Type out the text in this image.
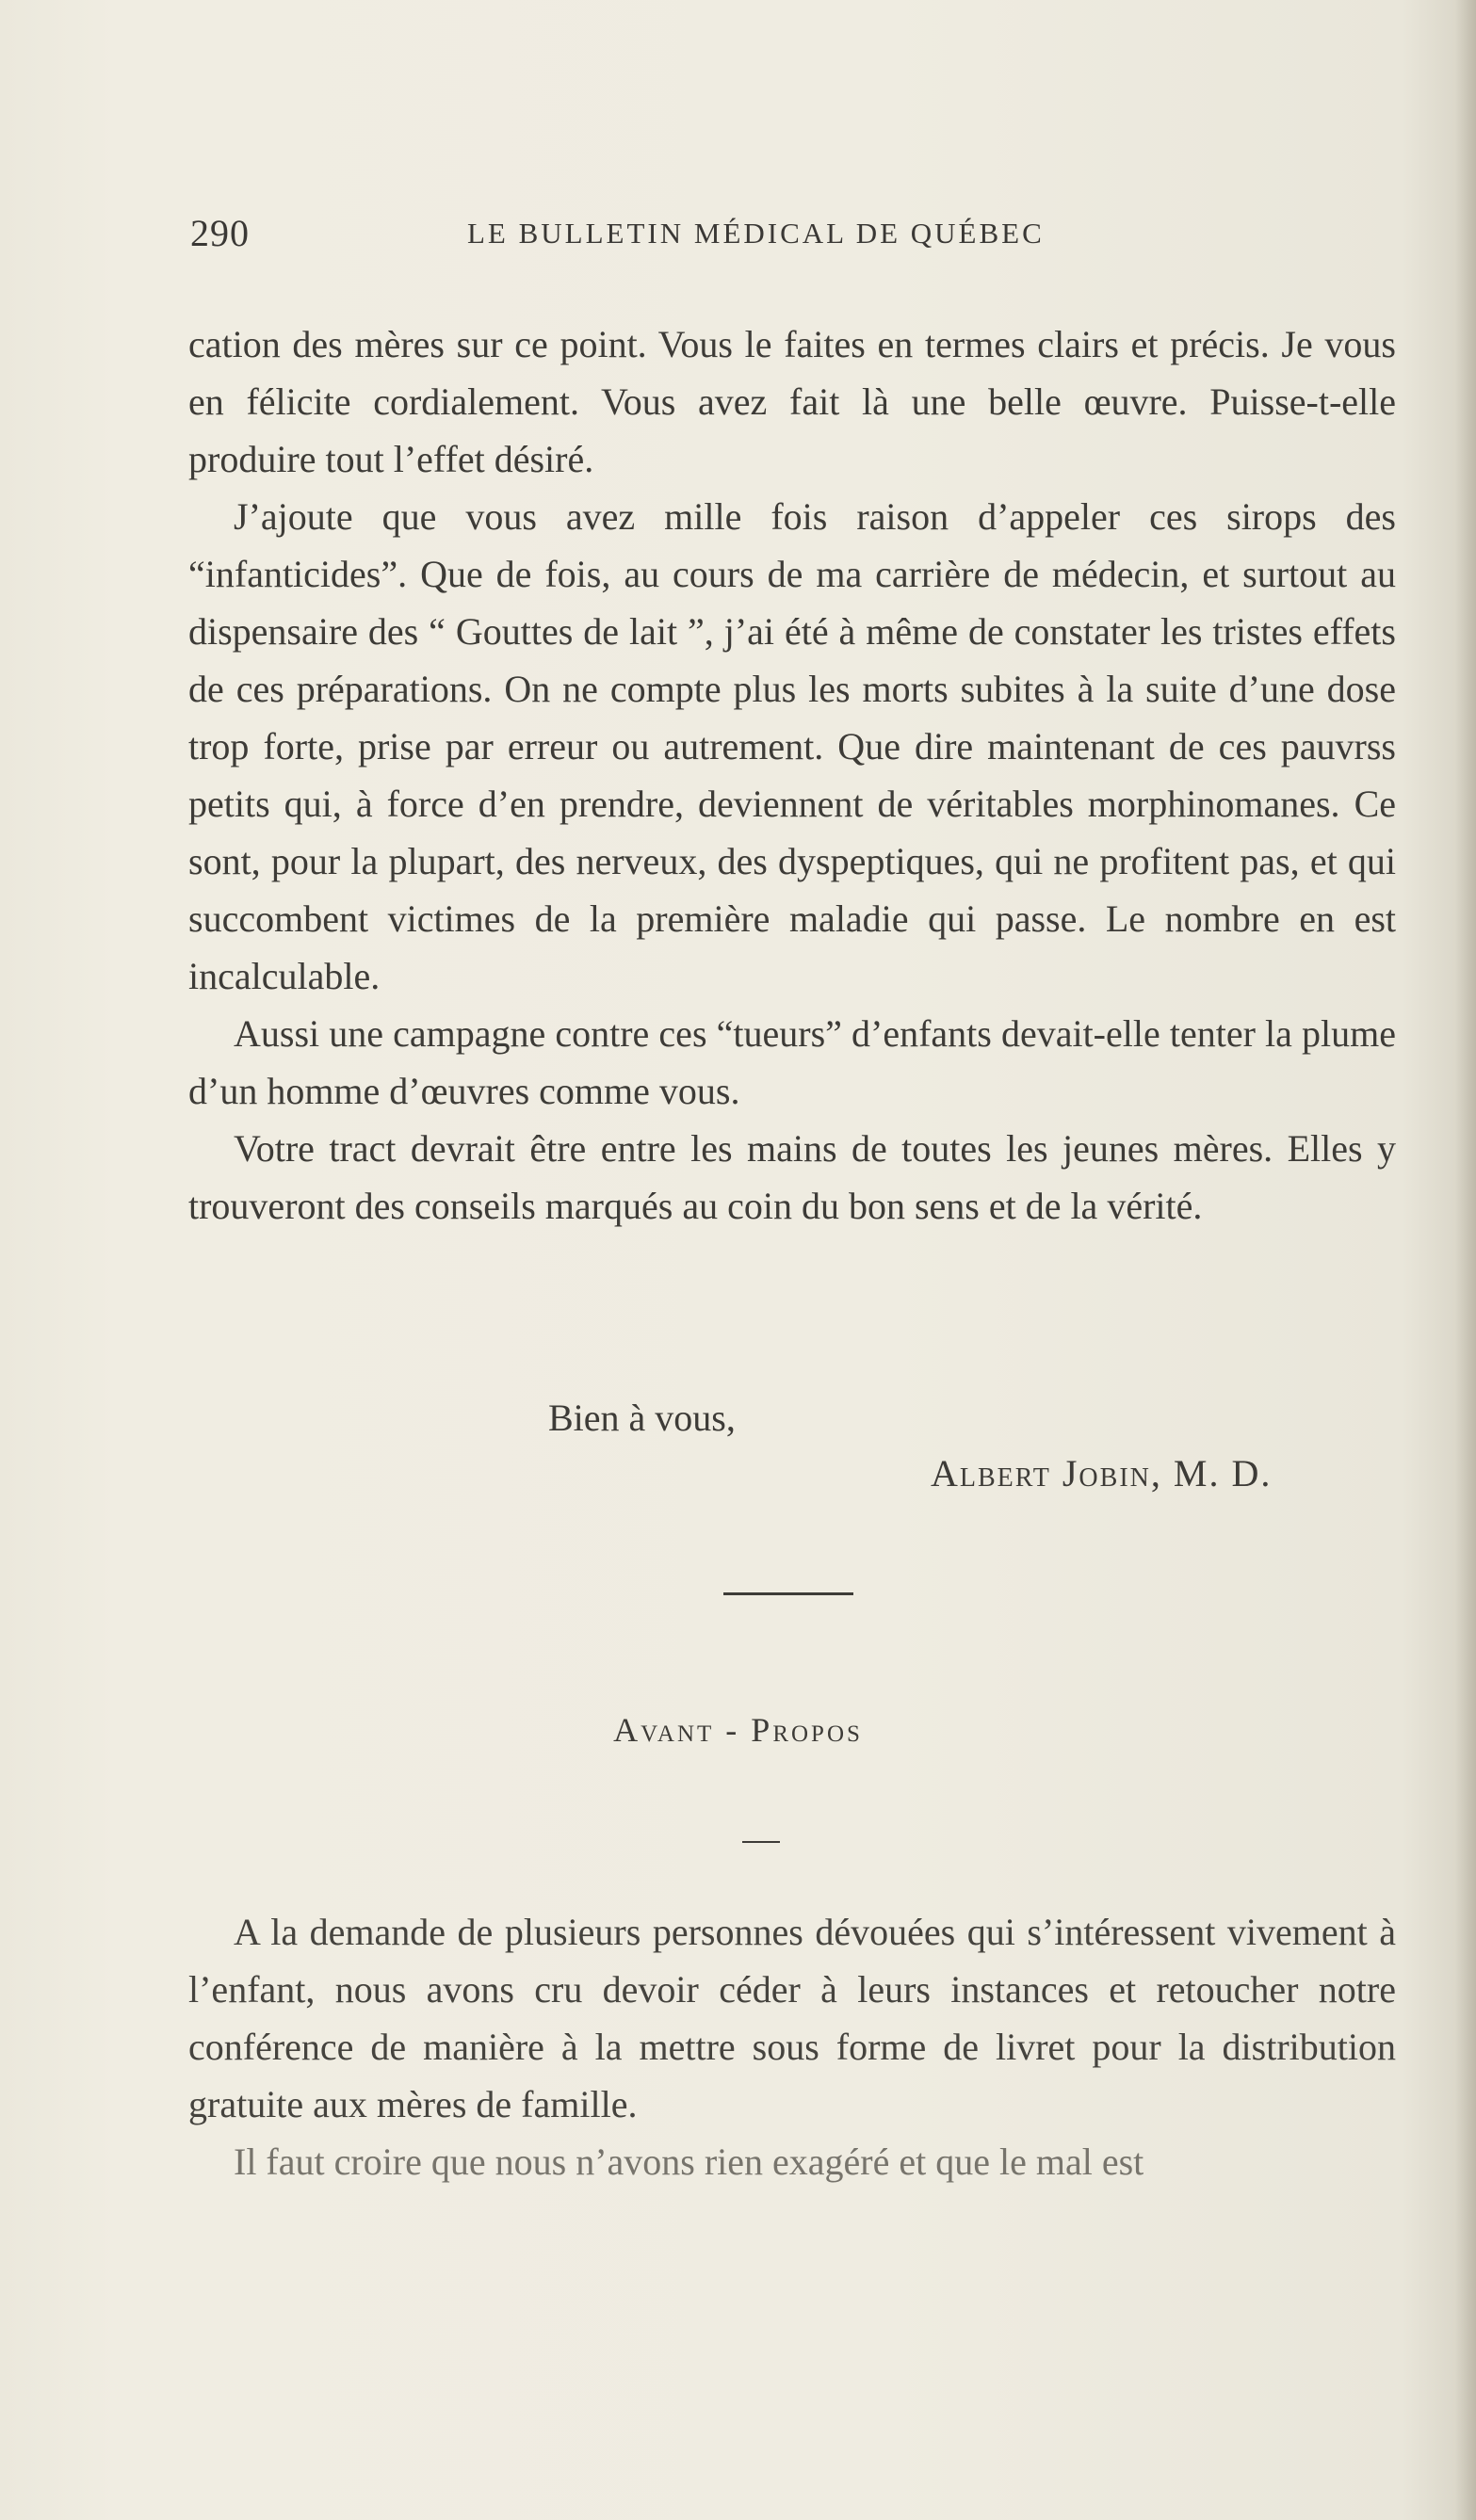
290	LE BULLETIN MÉDICAL DE QUÉBEC

cation des mères sur ce point. Vous le faites en termes clairs et précis. Je vous en félicite cordialement. Vous avez fait là une belle œuvre. Puisse-t-elle produire tout l’effet désiré.

J’ajoute que vous avez mille fois raison d’appeler ces sirops des “infanticides”. Que de fois, au cours de ma carrière de médecin, et surtout au dispensaire des “ Gouttes de lait ”, j’ai été à même de constater les tristes effets de ces préparations. On ne compte plus les morts subites à la suite d’une dose trop forte, prise par erreur ou autrement. Que dire maintenant de ces pauvrss petits qui, à force d’en prendre, deviennent de véritables morphinomanes. Ce sont, pour la plupart, des nerveux, des dyspeptiques, qui ne profitent pas, et qui succombent victimes de la première maladie qui passe. Le nombre en est incalculable.

Aussi une campagne contre ces “tueurs” d’enfants devait-elle tenter la plume d’un homme d’œuvres comme vous.

Votre tract devrait être entre les mains de toutes les jeunes mères. Elles y trouveront des conseils marqués au coin du bon sens et de la vérité.

Bien à vous,
Albert Jobin, M. D.
Avant - Propos

A la demande de plusieurs personnes dévouées qui s’intéressent vivement à l’enfant, nous avons cru devoir céder à leurs instances et retoucher notre conférence de manière à la mettre sous forme de livret pour la distribution gratuite aux mères de famille.

Il faut croire que nous n’avons rien exagéré et que le mal est
